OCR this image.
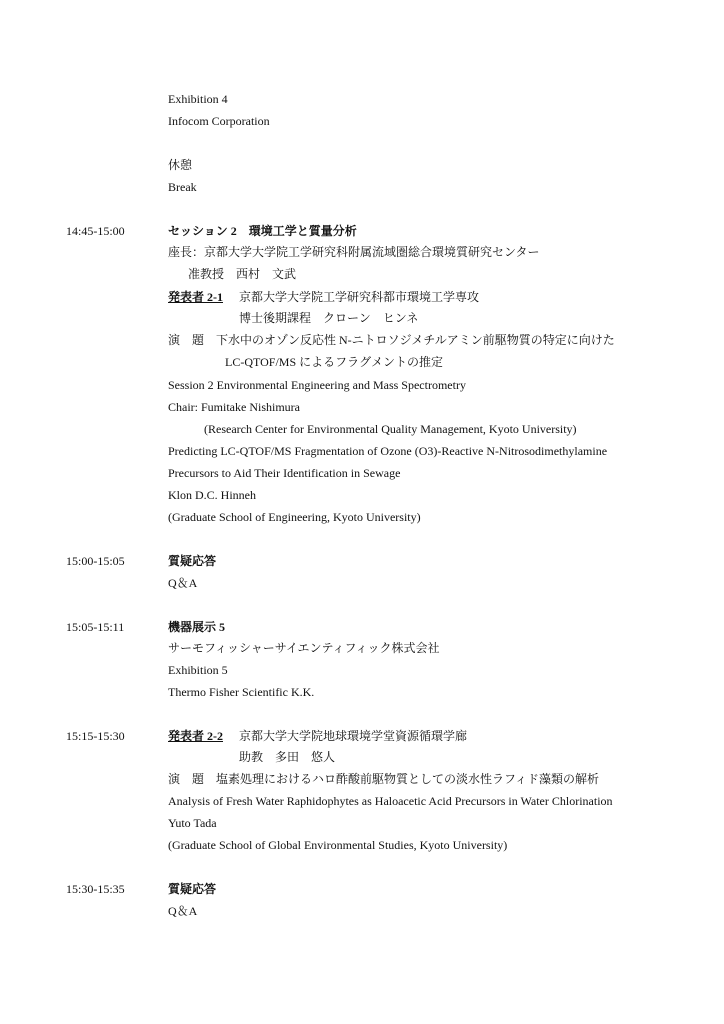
Exhibition 4
Infocom Corporation
休憩
Break
14:45-15:00	セッション 2　環境工学と質量分析
座長：京都大学大学院工学研究科附属流域圏総合環境質研究センター
准教授　西村　文武
発表者 2-1 京都大学大学院工学研究科都市環境工学専攻
博士後期課程　クローン　ヒンネ
演　題　下水中のオゾン反応性 N-ニトロソジメチルアミン前駆物質の特定に向けた
LC-QTOF/MS によるフラグメントの推定
Session 2 Environmental Engineering and Mass Spectrometry
Chair: Fumitake Nishimura
(Research Center for Environmental Quality Management, Kyoto University)
Predicting LC-QTOF/MS Fragmentation of Ozone (O3)-Reactive N-Nitrosodimethylamine
Precursors to Aid Their Identification in Sewage
Klon D.C. Hinneh
(Graduate School of Engineering, Kyoto University)
15:00-15:05	質疑応答
Q＆A
15:05-15:11	機器展示 5
サーモフィッシャーサイエンティフィック株式会社
Exhibition 5
Thermo Fisher Scientific K.K.
15:15-15:30	発表者 2-2 京都大学大学院地球環境学堂資源循環学廊
助教　多田　悠人
演　題　塩素処理におけるハロ酢酸前駆物質としての淡水性ラフィド藻類の解析
Analysis of Fresh Water Raphidophytes as Haloacetic Acid Precursors in Water Chlorination
Yuto Tada
(Graduate School of Global Environmental Studies, Kyoto University)
15:30-15:35	質疑応答
Q＆A
